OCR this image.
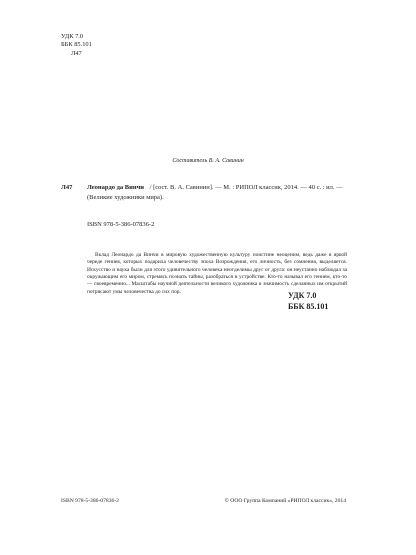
УДК 7.0
ББК 85.101
Л47
Составитель В. А. Савинин
Л47 Леонардо да Винчи / [сост. В. А. Савинин]. — М. : РИПОЛ классик, 2014. — 40 с. : ил. — (Великие художники мира).
ISBN 978-5-386-07836-2
Вклад Леонардо да Винчи в мировую художественную культуру поистине неоценим, ведь даже в яркой череде гениев, которых подарила человечеству эпоха Возрождения, его личность, без сомнения, выделяется. Искусство и наука были для этого удивительного человека неотделимы друг от друга: он неустанно наблюдал за окружающим его миром, стремясь познать тайны, разобраться в устройстве. Кто-то называл его гением, кто-то — своевременно... Масштабы научной деятельности великого художника и значимость сделанных им открытий потрясают умы человечества до сих пор.	УДК 7.0
ББК 85.101
ISBN 978-5-386-07836-2	© ООО Группа Компаний «РИПОЛ классик», 2014
